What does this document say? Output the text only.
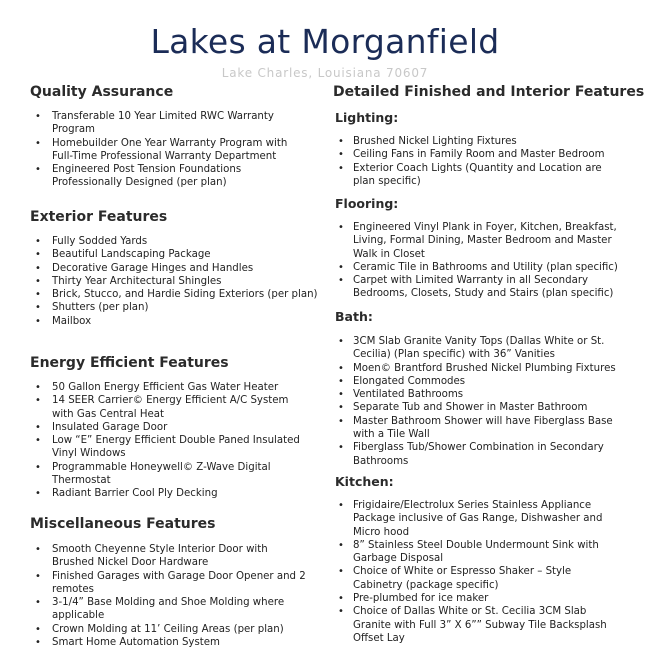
Lakes at Morganfield
Lake Charles, Louisiana 70607
Quality Assurance
• Transferable 10 Year Limited RWC Warranty Program
• Homebuilder One Year Warranty Program with Full-Time Professional Warranty Department
• Engineered Post Tension Foundations Professionally Designed (per plan)
Exterior Features
• Fully Sodded Yards
• Beautiful Landscaping Package
• Decorative Garage Hinges and Handles
• Thirty Year Architectural Shingles
• Brick, Stucco, and Hardie Siding Exteriors (per plan)
• Shutters (per plan)
• Mailbox
Energy Efficient Features
• 50 Gallon Energy Efficient Gas Water Heater
• 14 SEER Carrier© Energy Efficient A/C System with Gas Central Heat
• Insulated Garage Door
• Low “E” Energy Efficient Double Paned Insulated Vinyl Windows
• Programmable Honeywell© Z-Wave Digital Thermostat
• Radiant Barrier Cool Ply Decking
Miscellaneous Features
• Smooth Cheyenne Style Interior Door with Brushed Nickel Door Hardware
• Finished Garages with Garage Door Opener and 2 remotes
• 3-1/4” Base Molding and Shoe Molding where applicable
• Crown Molding at 11’ Ceiling Areas (per plan)
• Smart Home Automation System
Detailed Finished and Interior Features
Lighting:
• Brushed Nickel Lighting Fixtures
• Ceiling Fans in Family Room and Master Bedroom
• Exterior Coach Lights (Quantity and Location are plan specific)
Flooring:
• Engineered Vinyl Plank in Foyer, Kitchen, Breakfast, Living, Formal Dining, Master Bedroom and Master Walk in Closet
• Ceramic Tile in Bathrooms and Utility (plan specific)
• Carpet with Limited Warranty in all Secondary Bedrooms, Closets, Study and Stairs (plan specific)
Bath:
• 3CM Slab Granite Vanity Tops (Dallas White or St. Cecilia) (Plan specific) with 36” Vanities
• Moen© Brantford Brushed Nickel Plumbing Fixtures
• Elongated Commodes
• Ventilated Bathrooms
• Separate Tub and Shower in Master Bathroom
• Master Bathroom Shower will have Fiberglass Base with a Tile Wall
• Fiberglass Tub/Shower Combination in Secondary Bathrooms
Kitchen:
• Frigidaire/Electrolux Series Stainless Appliance Package inclusive of Gas Range, Dishwasher and Micro hood
• 8” Stainless Steel Double Undermount Sink with Garbage Disposal
• Choice of White or Espresso Shaker – Style Cabinetry (package specific)
• Pre-plumbed for ice maker
• Choice of Dallas White or St. Cecilia 3CM Slab Granite with Full 3” X 6”” Subway Tile Backsplash Offset Lay
